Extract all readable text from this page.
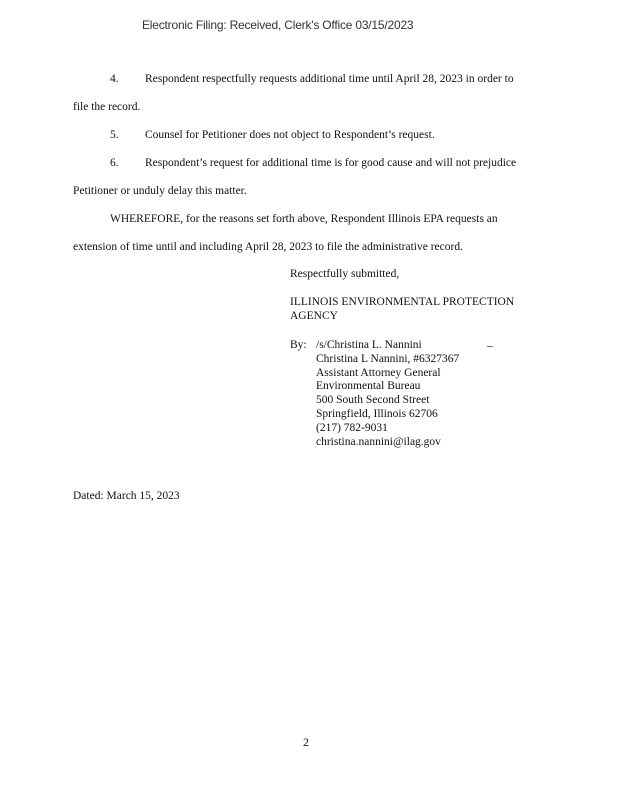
Electronic Filing: Received, Clerk's Office 03/15/2023
4. Respondent respectfully requests additional time until April 28, 2023 in order to
file the record.
5. Counsel for Petitioner does not object to Respondent’s request.
6. Respondent’s request for additional time is for good cause and will not prejudice
Petitioner or unduly delay this matter.
WHEREFORE, for the reasons set forth above, Respondent Illinois EPA requests an
extension of time until and including April 28, 2023 to file the administrative record.
Respectfully submitted,
ILLINOIS ENVIRONMENTAL PROTECTION
AGENCY
By:	_
/s/Christina L. Nannini
Christina L Nannini, #6327367
Assistant Attorney General
Environmental Bureau
500 South Second Street
Springfield, Illinois 62706
(217) 782-9031
christina.nannini@ilag.gov
Dated: March 15, 2023
2
